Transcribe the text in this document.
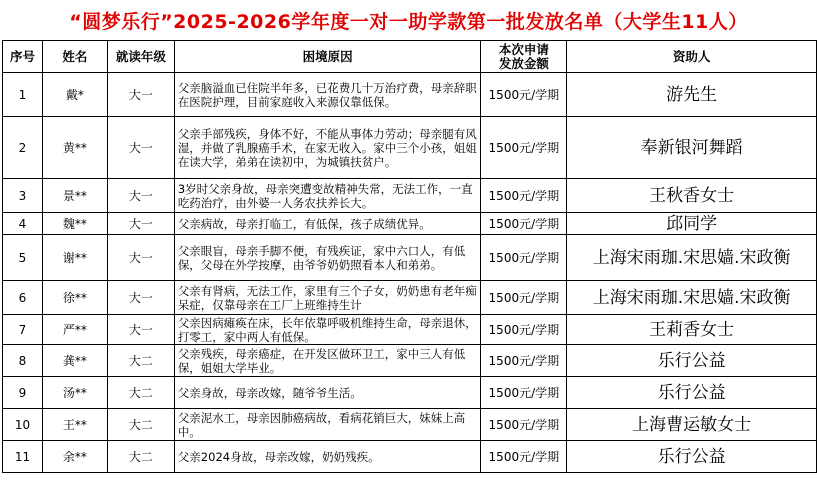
“圆梦乐行”2025-2026学年度一对一助学款第一批发放名单（大学生11人）
序号	姓名	就读年级	困境原因	本次申请
发放金额	资助人
1	戴*	大一	父亲脑溢血已住院半年多，已花费几十万治疗费，母亲辞职在医院护理，目前家庭收入来源仅靠低保。	1500元/学期	游先生
2	黄**	大一	父亲手部残疾，身体不好，不能从事体力劳动；母亲腿有风湿，并做了乳腺癌手术，在家无收入。家中三个小孩，姐姐在读大学，弟弟在读初中，为城镇扶贫户。	1500元/学期	奉新银河舞蹈
3	景**	大一	3岁时父亲身故，母亲突遭变故精神失常，无法工作，一直吃药治疗，由外婆一人务农扶养长大。	1500元/学期	王秋香女士
4	魏**	大一	父亲病故，母亲打临工，有低保，孩子成绩优异。	1500元/学期	邱同学
5	谢**	大一	父亲眼盲，母亲手脚不便，有残疾证，家中六口人，有低保，父母在外学按摩，由爷爷奶奶照看本人和弟弟。	1500元/学期	上海宋雨珈.宋思嫱.宋政衡
6	徐**	大一	父亲有肾病，无法工作，家里有三个子女，奶奶患有老年痴呆症，仅靠母亲在工厂上班维持生计	1500元/学期	上海宋雨珈.宋思嫱.宋政衡
7	严**	大一	父亲因病瘫痪在床，长年依靠呼吸机维持生命，母亲退休，打零工，家中两人有低保。	1500元/学期	王莉香女士
8	龚**	大二	父亲残疾，母亲癌症，在开发区做环卫工，家中三人有低保，姐姐大学毕业。	1500元/学期	乐行公益
9	汤**	大二	父亲身故，母亲改嫁，随爷爷生活。	1500元/学期	乐行公益
10	王**	大二	父亲泥水工，母亲因肺癌病故，看病花销巨大，妹妹上高中。	1500元/学期	上海曹运敏女士
11	余**	大二	父亲2024身故，母亲改嫁，奶奶残疾。	1500元/学期	乐行公益
